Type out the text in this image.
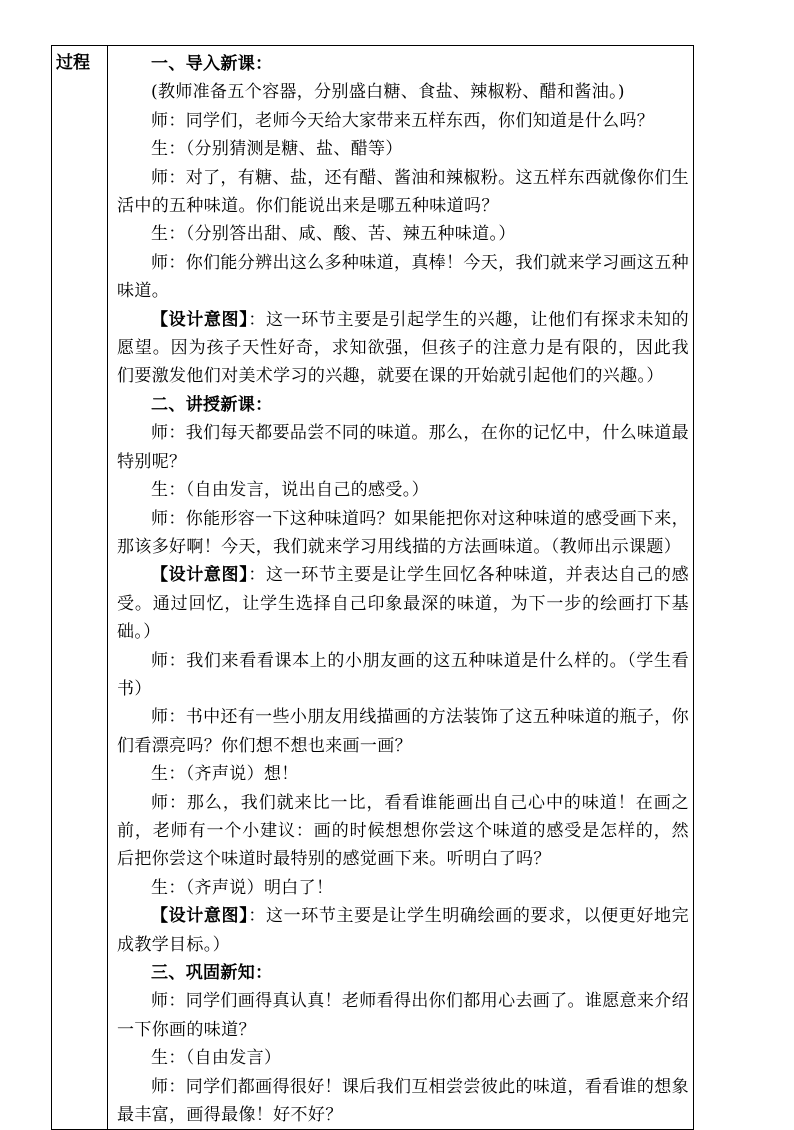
过程	一、导入新课：

(教师准备五个容器，分别盛白糖、食盐、辣椒粉、醋和酱油。)

师：同学们，老师今天给大家带来五样东西，你们知道是什么吗？

生：（分别猜测是糖、盐、醋等）

师：对了，有糖、盐，还有醋、酱油和辣椒粉。这五样东西就像你们生活中的五种味道。你们能说出来是哪五种味道吗？

生：（分别答出甜、咸、酸、苦、辣五种味道。）

师：你们能分辨出这么多种味道，真棒！今天，我们就来学习画这五种味道。

【设计意图】：这一环节主要是引起学生的兴趣，让他们有探求未知的愿望。因为孩子天性好奇，求知欲强，但孩子的注意力是有限的，因此我们要激发他们对美术学习的兴趣，就要在课的开始就引起他们的兴趣。）

二、讲授新课：

师：我们每天都要品尝不同的味道。那么，在你的记忆中，什么味道最特别呢？

生：（自由发言，说出自己的感受。）

师：你能形容一下这种味道吗？如果能把你对这种味道的感受画下来，那该多好啊！今天，我们就来学习用线描的方法画味道。（教师出示课题）

【设计意图】：这一环节主要是让学生回忆各种味道，并表达自己的感受。通过回忆，让学生选择自己印象最深的味道，为下一步的绘画打下基础。）

师：我们来看看课本上的小朋友画的这五种味道是什么样的。（学生看书）

师：书中还有一些小朋友用线描画的方法装饰了这五种味道的瓶子，你们看漂亮吗？你们想不想也来画一画？

生：（齐声说）想！

师：那么，我们就来比一比，看看谁能画出自己心中的味道！在画之前，老师有一个小建议：画的时候想想你尝这个味道的感受是怎样的，然后把你尝这个味道时最特别的感觉画下来。听明白了吗？

生：（齐声说）明白了！

【设计意图】：这一环节主要是让学生明确绘画的要求，以便更好地完成教学目标。）

三、巩固新知：

师：同学们画得真认真！老师看得出你们都用心去画了。谁愿意来介绍一下你画的味道？

生：（自由发言）

师：同学们都画得很好！课后我们互相尝尝彼此的味道，看看谁的想象最丰富，画得最像！好不好？
